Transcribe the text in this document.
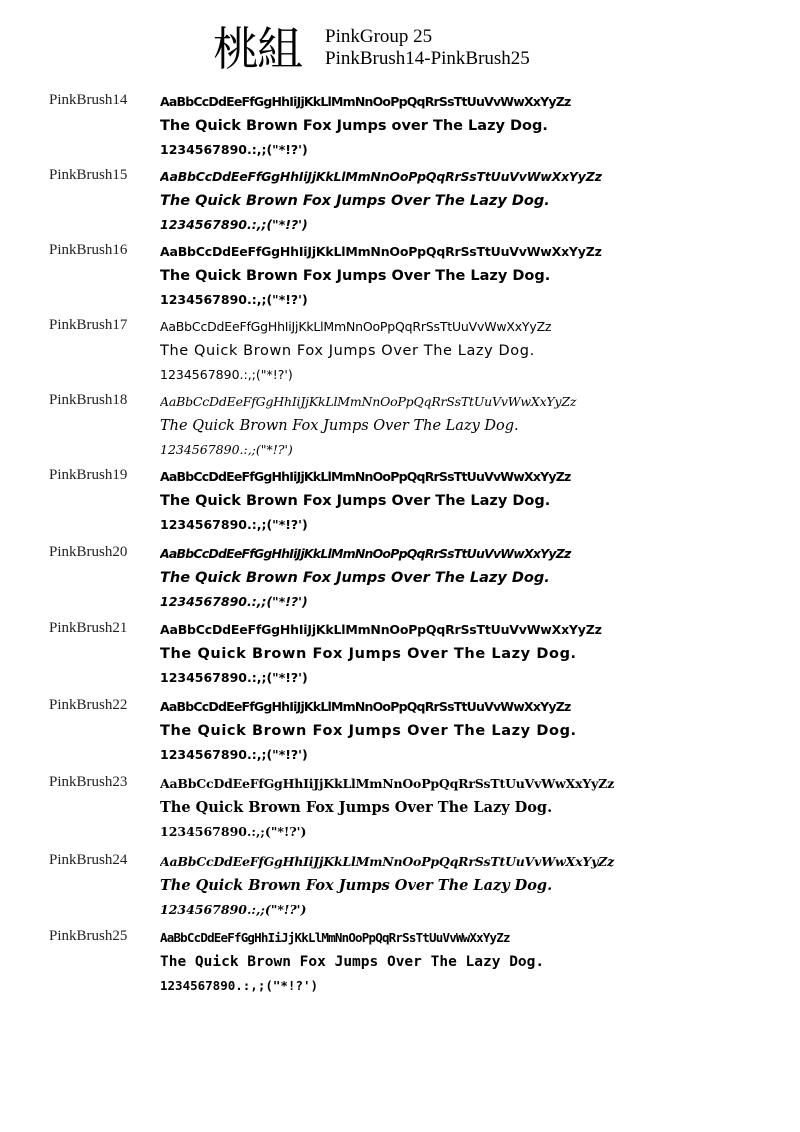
桃組 PinkGroup 25
PinkBrush14-PinkBrush25
PinkBrush14	AaBbCcDdEeFfGgHhIiJjKkLlMmNnOoPpQqRrSsTtUuVvWwXxYyZz
The Quick Brown Fox Jumps over The Lazy Dog.
1234567890.:,;("*!?')
PinkBrush15	AaBbCcDdEeFfGgHhIiJjKkLlMmNnOoPpQqRrSsTtUuVvWwXxYyZz
The Quick Brown Fox Jumps Over The Lazy Dog.
1234567890.:,;("*!?')
PinkBrush16	AaBbCcDdEeFfGgHhIiJjKkLlMmNnOoPpQqRrSsTtUuVvWwXxYyZz
The Quick Brown Fox Jumps Over The Lazy Dog.
1234567890.:,;("*!?')
PinkBrush17	AaBbCcDdEeFfGgHhIiJjKkLlMmNnOoPpQqRrSsTtUuVvWwXxYyZz
The Quick Brown Fox Jumps Over The Lazy Dog.
1234567890.:,;("*!?')
PinkBrush18	AaBbCcDdEeFfGgHhIiJjKkLlMmNnOoPpQqRrSsTtUuVvWwXxYyZz
The Quick Brown Fox Jumps Over The Lazy Dog.
1234567890.:,;("*!?')
PinkBrush19	AaBbCcDdEeFfGgHhIiJjKkLlMmNnOoPpQqRrSsTtUuVvWwXxYyZz
The Quick Brown Fox Jumps Over The Lazy Dog.
1234567890.:,;("*!?')
PinkBrush20	AaBbCcDdEeFfGgHhIiJjKkLlMmNnOoPpQqRrSsTtUuVvWwXxYyZz
The Quick Brown Fox Jumps Over The Lazy Dog.
1234567890.:,;("*!?')
PinkBrush21	AaBbCcDdEeFfGgHhIiJjKkLlMmNnOoPpQqRrSsTtUuVvWwXxYyZz
The Quick Brown Fox Jumps Over The Lazy Dog.
1234567890.:,;("*!?')
PinkBrush22	AaBbCcDdEeFfGgHhIiJjKkLlMmNnOoPpQqRrSsTtUuVvWwXxYyZz
The Quick Brown Fox Jumps Over The Lazy Dog.
1234567890.:,;("*!?')
PinkBrush23	AaBbCcDdEeFfGgHhIiJjKkLlMmNnOoPpQqRrSsTtUuVvWwXxYyZz
The Quick Brown Fox Jumps Over The Lazy Dog.
1234567890.:,;("*!?')
PinkBrush24	AaBbCcDdEeFfGgHhIiJjKkLlMmNnOoPpQqRrSsTtUuVvWwXxYyZz
The Quick Brown Fox Jumps Over The Lazy Dog.
1234567890.:,;("*!?')
PinkBrush25	AaBbCcDdEeFfGgHhIiJjKkLlMmNnOoPpQqRrSsTtUuVvWwXxYyZz
The Quick Brown Fox Jumps Over The Lazy Dog.
1234567890.:,;("*!?')
